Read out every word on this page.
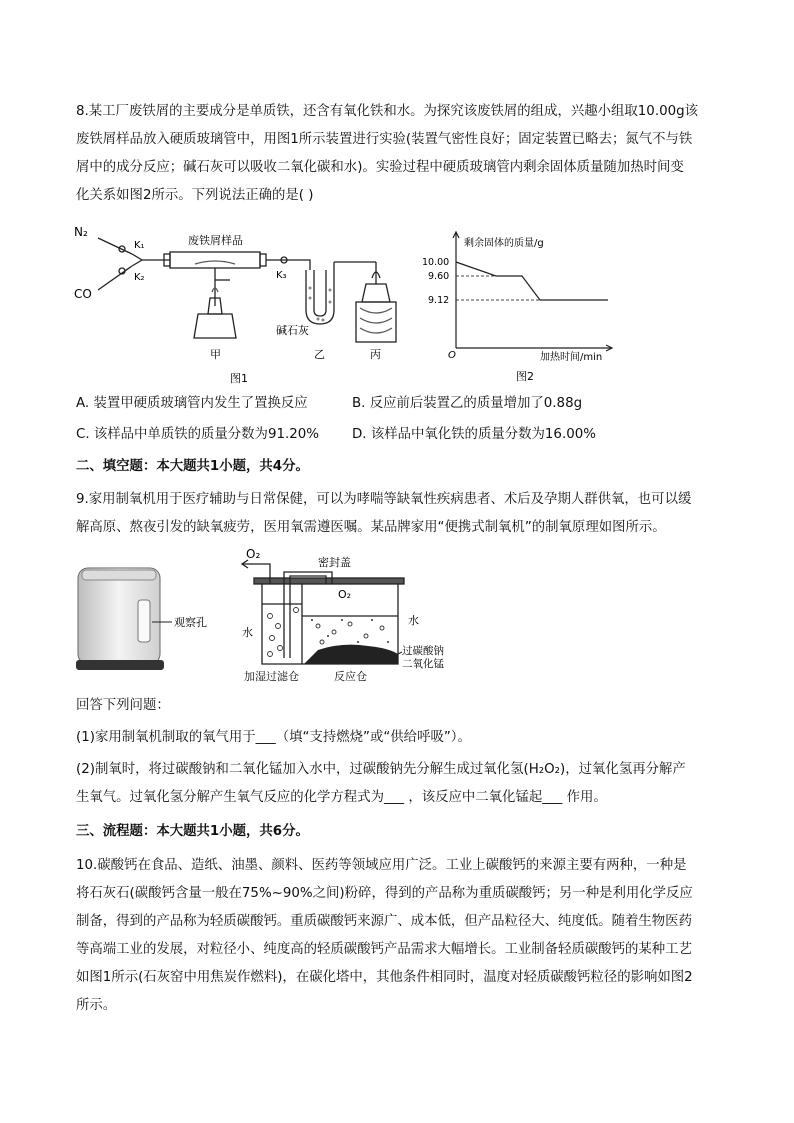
8.某工厂废铁屑的主要成分是单质铁，还含有氧化铁和水。为探究该废铁屑的组成，兴趣小组取10.00g该

废铁屑样品放入硬质玻璃管中，用图1所示装置进行实验(装置气密性良好；固定装置已略去；氮气不与铁

屑中的成分反应；碱石灰可以吸收二氧化碳和水)。实验过程中硬质玻璃管内剩余固体质量随加热时间变

化关系如图2所示。下列说法正确的是( )

N₂
K₁
K₂
CO
废铁屑样品
K₃
碱石灰
甲	乙	丙
图1
剩余固体的质量/g
10.00
9.60
9.12
O	加热时间/min
图2
A. 装置甲硬质玻璃管内发生了置换反应	B. 反应前后装置乙的质量增加了0.88g
C. 该样品中单质铁的质量分数为91.20% D. 该样品中氧化铁的质量分数为16.00%

二、填空题：本大题共1小题，共4分。

9.家用制氧机用于医疗辅助与日常保健，可以为哮喘等缺氧性疾病患者、术后及孕期人群供氧，也可以缓

解高原、熬夜引发的缺氧疲劳，医用氧需遵医嘱。某品牌家用“便携式制氧机”的制氧原理如图所示。

观察孔
O₂
密封盖
O₂
水
水
过碳酸钠
二氧化锰
加湿过滤仓	反应仓

回答下列问题：

(1)家用制氧机制取的氧气用于___（填“支持燃烧”或“供给呼吸”）。

(2)制氧时，将过碳酸钠和二氧化锰加入水中，过碳酸钠先分解生成过氧化氢(H₂O₂)，过氧化氢再分解产

生氧气。过氧化氢分解产生氧气反应的化学方程式为___ ，该反应中二氧化锰起___ 作用。

三、流程题：本大题共1小题，共6分。

10.碳酸钙在食品、造纸、油墨、颜料、医药等领域应用广泛。工业上碳酸钙的来源主要有两种，一种是

将石灰石(碳酸钙含量一般在75%~90%之间)粉碎，得到的产品称为重质碳酸钙；另一种是利用化学反应

制备，得到的产品称为轻质碳酸钙。重质碳酸钙来源广、成本低，但产品粒径大、纯度低。随着生物医药

等高端工业的发展，对粒径小、纯度高的轻质碳酸钙产品需求大幅增长。工业制备轻质碳酸钙的某种工艺

如图1所示(石灰窑中用焦炭作燃料)，在碳化塔中，其他条件相同时，温度对轻质碳酸钙粒径的影响如图2

所示。
